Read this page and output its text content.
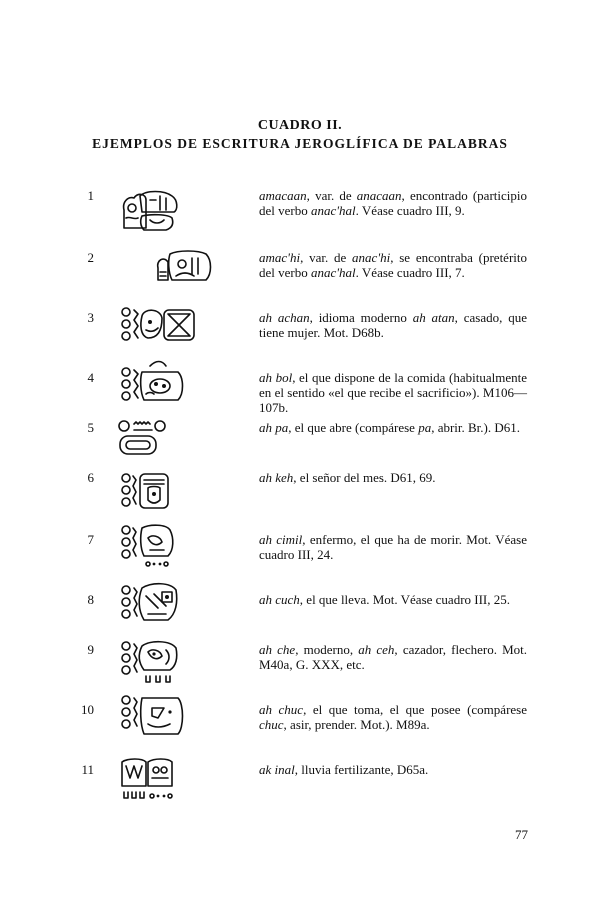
CUADRO II.
EJEMPLOS DE ESCRITURA JEROGLÍFICA DE PALABRAS
1	amacaan, var. de anacaan, encontrado (participio del verbo anac'hal. Véase cuadro III, 9.
2	amac'hi, var. de anac'hi, se encontraba (pretérito del verbo anac'hal. Véase cuadro III, 7.
3	ah achan, idioma moderno ah atan, casado, que tiene mujer. Mot. D68b.
4	ah bol, el que dispone de la comida (habitualmente en el sentido «el que recibe el sacrificio»). M106—107b.
5	ah pa, el que abre (compárese pa, abrir. Br.). D61.
6	ah keh, el señor del mes. D61, 69.
7	ah cimil, enfermo, el que ha de morir. Mot. Véase cuadro III, 24.
8	ah cuch, el que lleva. Mot. Véase cuadro III, 25.
9	ah che, moderno, ah ceh, cazador, flechero. Mot. M40a, G. XXX, etc.
10	ah chuc, el que toma, el que posee (compárese chuc, asir, prender. Mot.). M89a.
11	ak inal, lluvia fertilizante, D65a.
77
